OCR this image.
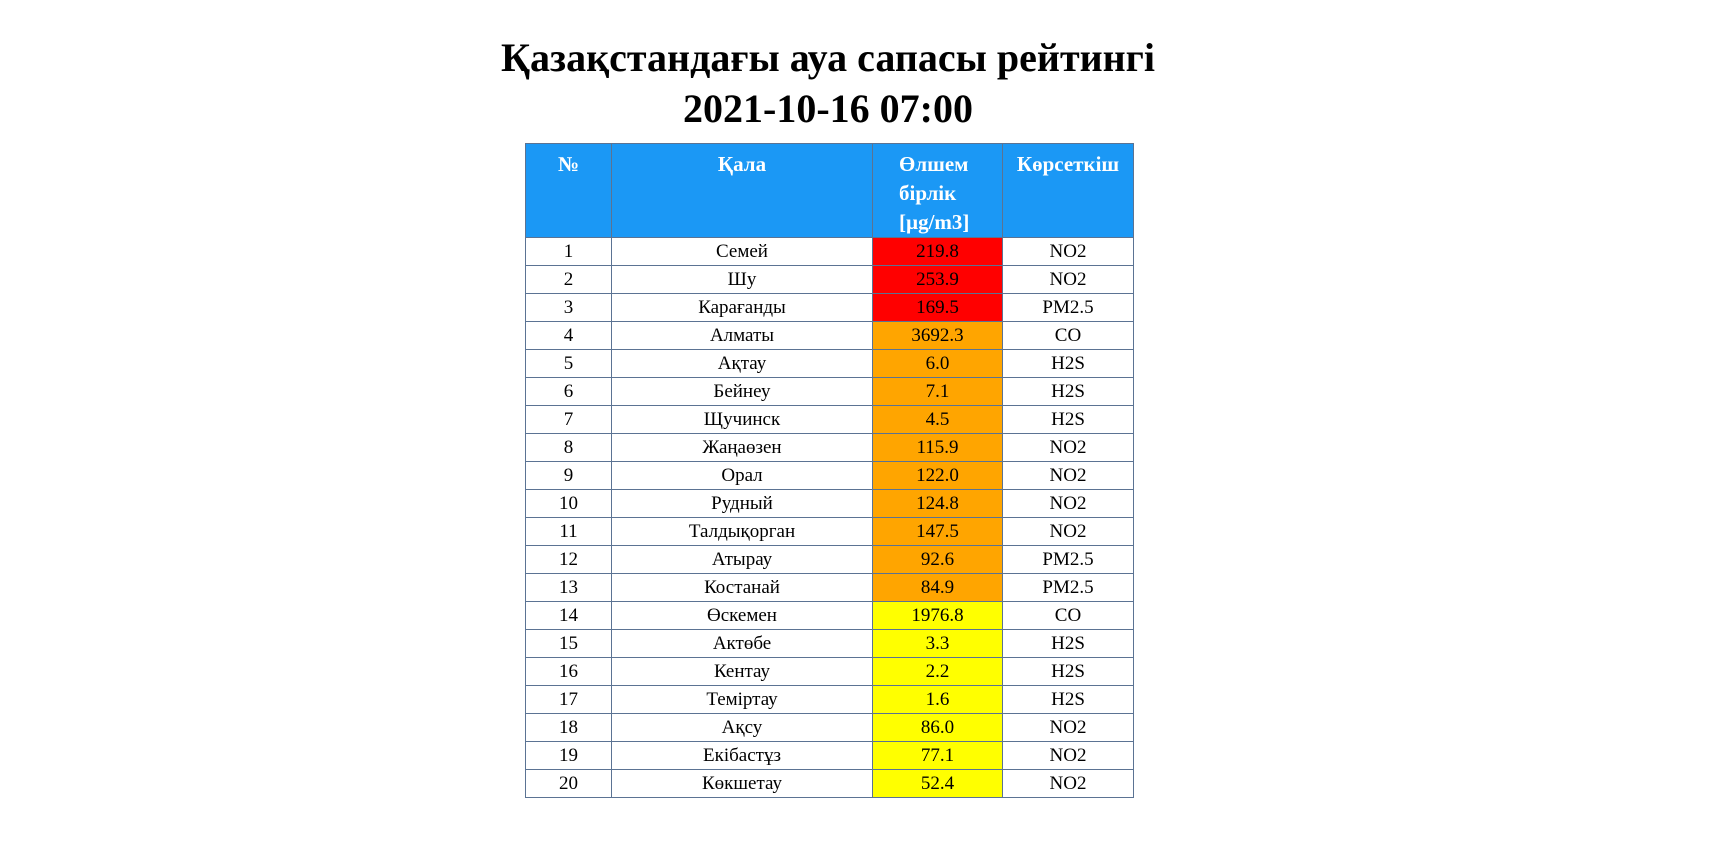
Қазақстандағы ауа сапасы рейтингі
2021-10-16 07:00
№	Қала	Өлшем
бірлік
[µg/m3]	Көрсеткіш
1	Семей	219.8	NO2
2	Шу	253.9	NO2
3	Карағанды	169.5	PM2.5
4	Алматы	3692.3	CO
5	Ақтау	6.0	H2S
6	Бейнеу	7.1	H2S
7	Щучинск	4.5	H2S
8	Жаңаөзен	115.9	NO2
9	Орал	122.0	NO2
10	Рудный	124.8	NO2
11	Талдықорган	147.5	NO2
12	Атырау	92.6	PM2.5
13	Костанай	84.9	PM2.5
14	Өскемен	1976.8	CO
15	Актөбе	3.3	H2S
16	Кентау	2.2	H2S
17	Теміртау	1.6	H2S
18	Ақсу	86.0	NO2
19	Екібастұз	77.1	NO2
20	Көкшетау	52.4	NO2
